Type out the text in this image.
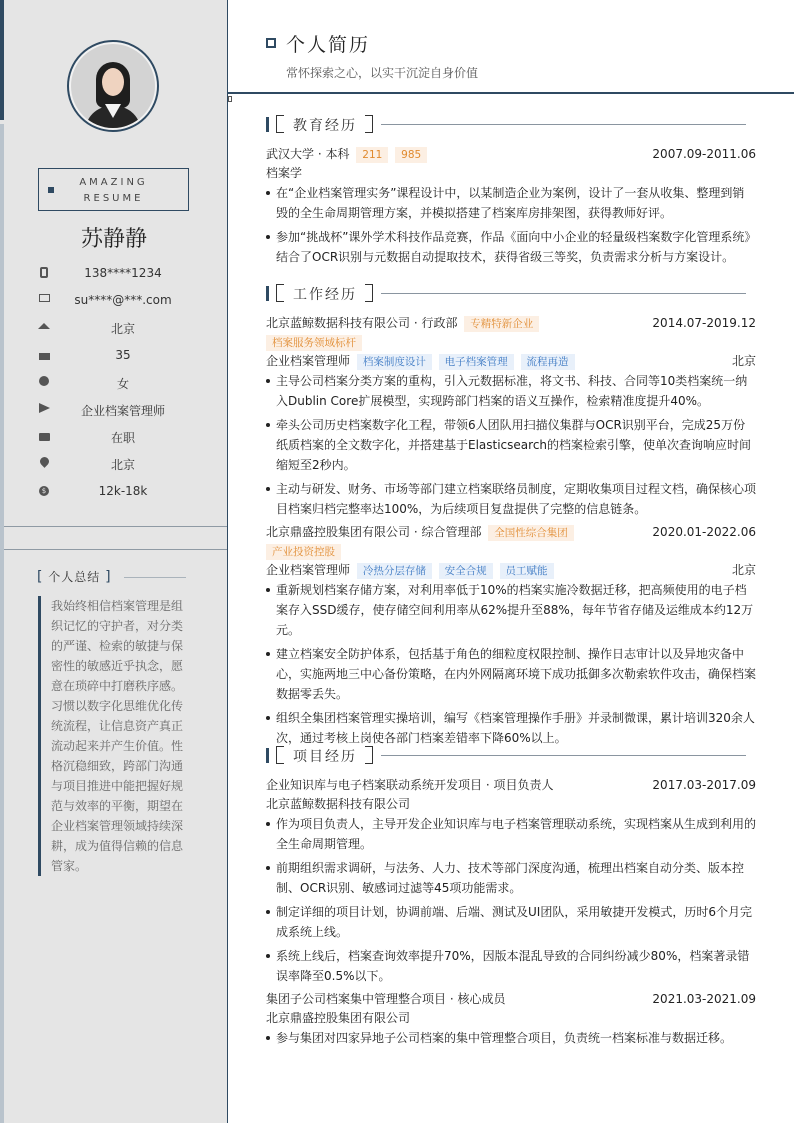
AMAZING
RESUME
苏静静
138****1234
su****@***.com
北京
35
女
企业档案管理师
在职
北京
$	12k-18k
[ 个人总结 ]
我始终相信档案管理是组织记忆的守护者，对分类的严谨、检索的敏捷与保密性的敏感近乎执念，愿意在琐碎中打磨秩序感。习惯以数字化思维优化传统流程，让信息资产真正流动起来并产生价值。性格沉稳细致，跨部门沟通与项目推进中能把握好规范与效率的平衡，期望在企业档案管理领域持续深耕，成为值得信赖的信息管家。
个人简历
常怀探索之心，以实干沉淀自身价值
教育经历
武汉大学 · 本科 211 985	2007.09-2011.06
档案学
在“企业档案管理实务”课程设计中，以某制造企业为案例，设计了一套从收集、整理到销毁的全生命周期管理方案，并模拟搭建了档案库房排架图，获得教师好评。
参加“挑战杯”课外学术科技作品竞赛，作品《面向中小企业的轻量级档案数字化管理系统》结合了OCR识别与元数据自动提取技术，获得省级三等奖，负责需求分析与方案设计。
工作经历
北京蓝鲸数据科技有限公司 · 行政部 专精特新企业	2014.07-2019.12
档案服务领域标杆
企业档案管理师 档案制度设计 电子档案管理 流程再造	北京
主导公司档案分类方案的重构，引入元数据标准，将文书、科技、合同等10类档案统一纳入Dublin Core扩展模型，实现跨部门档案的语义互操作，检索精准度提升40%。
牵头公司历史档案数字化工程，带领6人团队用扫描仪集群与OCR识别平台，完成25万份纸质档案的全文数字化，并搭建基于Elasticsearch的档案检索引擎，使单次查询响应时间缩短至2秒内。
主动与研发、财务、市场等部门建立档案联络员制度，定期收集项目过程文档，确保核心项目档案归档完整率达100%，为后续项目复盘提供了完整的信息链条。
北京鼎盛控股集团有限公司 · 综合管理部 全国性综合集团	2020.01-2022.06
产业投资控股
企业档案管理师 冷热分层存储 安全合规 员工赋能	北京
重新规划档案存储方案，对利用率低于10%的档案实施冷数据迁移，把高频使用的电子档案存入SSD缓存，使存储空间利用率从62%提升至88%，每年节省存储及运维成本约12万元。
建立档案安全防护体系，包括基于角色的细粒度权限控制、操作日志审计以及异地灾备中心，实施两地三中心备份策略，在内外网隔离环境下成功抵御多次勒索软件攻击，确保档案数据零丢失。
组织全集团档案管理实操培训，编写《档案管理操作手册》并录制微课，累计培训320余人次，通过考核上岗使各部门档案差错率下降60%以上。
项目经历
企业知识库与电子档案联动系统开发项目 · 项目负责人	2017.03-2017.09
北京蓝鲸数据科技有限公司
作为项目负责人，主导开发企业知识库与电子档案管理联动系统，实现档案从生成到利用的全生命周期管理。
前期组织需求调研，与法务、人力、技术等部门深度沟通，梳理出档案自动分类、版本控制、OCR识别、敏感词过滤等45项功能需求。
制定详细的项目计划，协调前端、后端、测试及UI团队，采用敏捷开发模式，历时6个月完成系统上线。
系统上线后，档案查询效率提升70%，因版本混乱导致的合同纠纷减少80%，档案著录错误率降至0.5%以下。
集团子公司档案集中管理整合项目 · 核心成员	2021.03-2021.09
北京鼎盛控股集团有限公司
参与集团对四家异地子公司档案的集中管理整合项目，负责统一档案标准与数据迁移。
